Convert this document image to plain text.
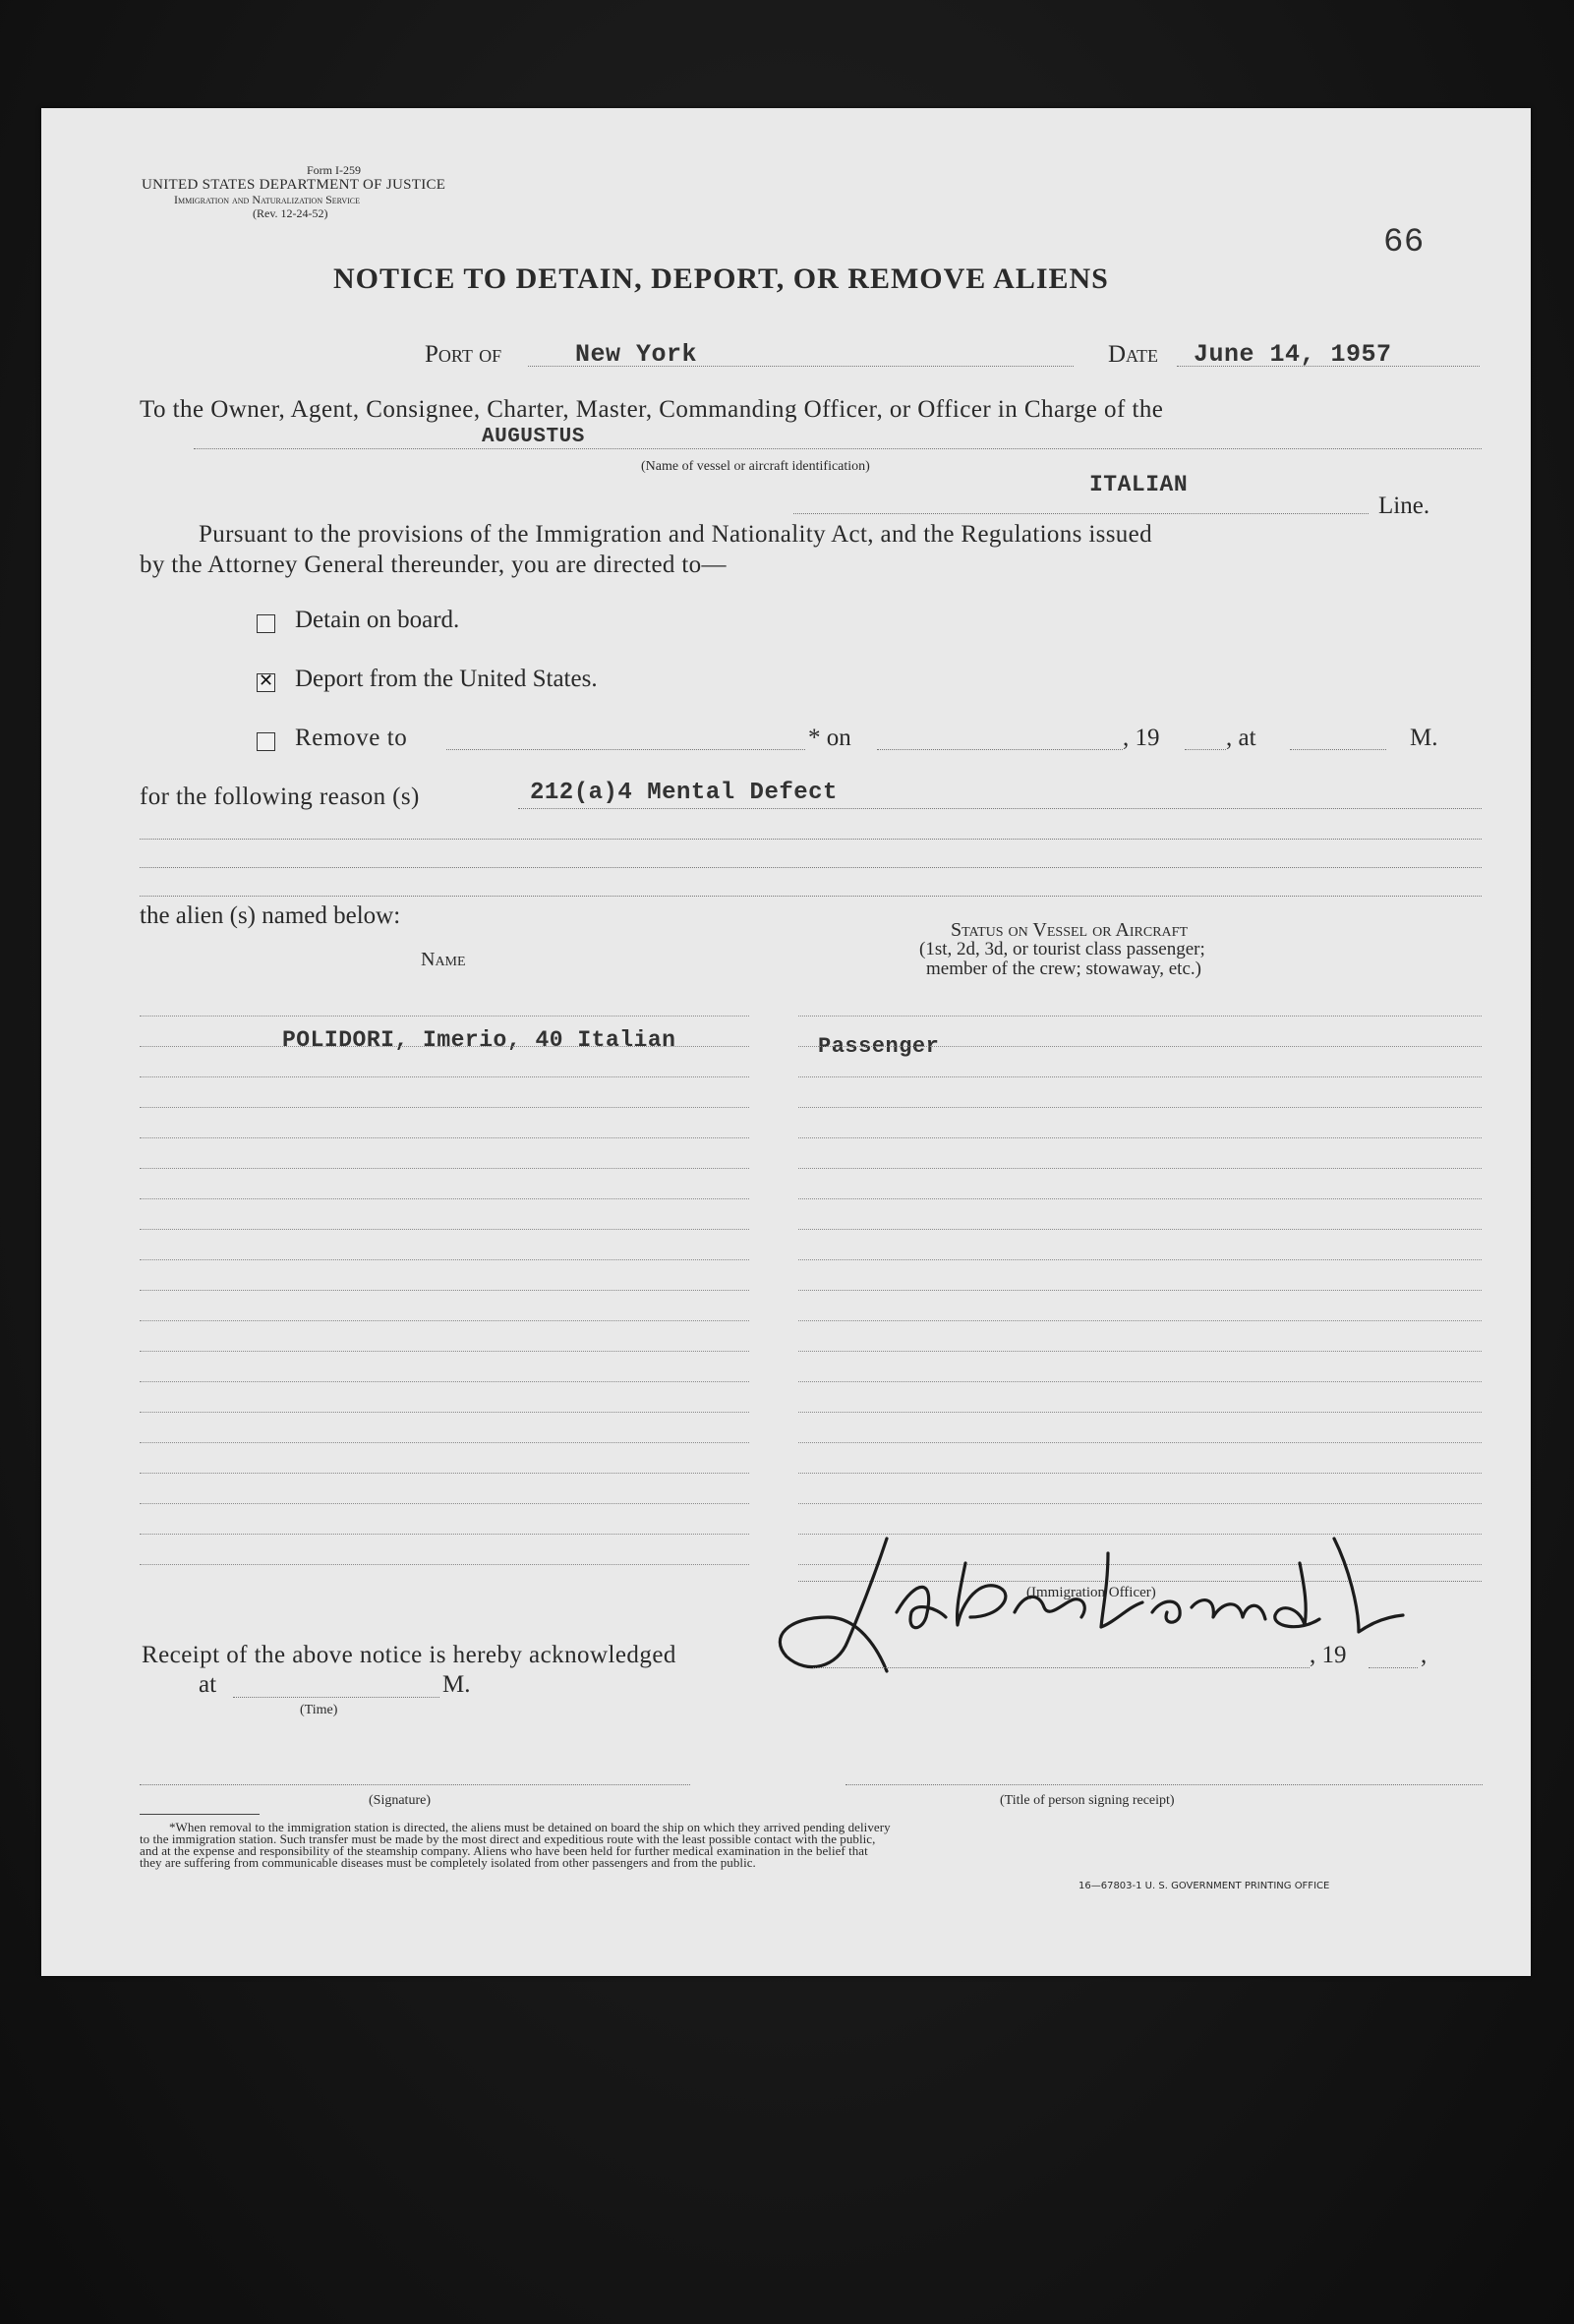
Form I-259
UNITED STATES DEPARTMENT OF JUSTICE
Immigration and Naturalization Service
(Rev. 12-24-52)
66
NOTICE TO DETAIN, DEPORT, OR REMOVE ALIENS
Port of	New York	Date June 14, 1957
To the Owner, Agent, Consignee, Charter, Master, Commanding Officer, or Officer in Charge of the
AUGUSTUS
(Name of vessel or aircraft identification)
ITALIAN
Line.
Pursuant to the provisions of the Immigration and Nationality Act, and the Regulations issued
by the Attorney General thereunder, you are directed to—
Detain on board.
✕
Deport from the United States.
Remove to	* on	, 19	, at	M.
for the following reason (s)	212(a)4 Mental Defect
the alien (s) named below:
Name
Status on Vessel or Aircraft
(1st, 2d, 3d, or tourist class passenger;
member of the crew; stowaway, etc.)
POLIDORI, Imerio, 40 Italian	Passenger
(Immigration Officer)
Receipt of the above notice is hereby acknowledged	, 19	,
at	M.
(Time)
(Signature)	(Title of person signing receipt)
*When removal to the immigration station is directed, the aliens must be detained on board the ship on which they arrived pending delivery
to the immigration station. Such transfer must be made by the most direct and expeditious route with the least possible contact with the public,
and at the expense and responsibility of the steamship company. Aliens who have been held for further medical examination in the belief that
they are suffering from communicable diseases must be completely isolated from other passengers and from the public.
16—67803-1 U. S. GOVERNMENT PRINTING OFFICE
